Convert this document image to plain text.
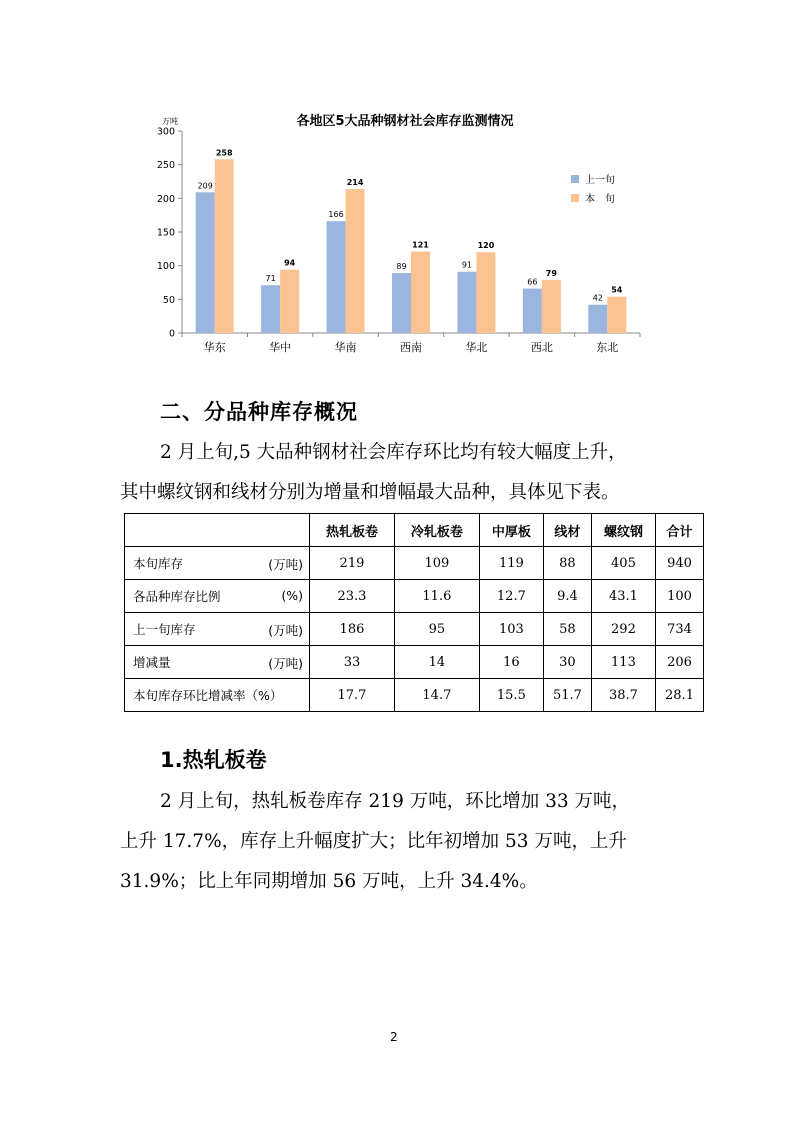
各地区5大品种钢材社会库存监测情况
万吨
0
50
100
150
200
250
300
209
258
华东
71
94
华中
166
214
华南
89
121
西南
91
120
华北
66
79
西北
42
54
东北
上一旬
本　旬
二、分品种库存概况
2 月上旬,5 大品种钢材社会库存环比均有较大幅度上升，
其中螺纹钢和线材分别为增量和增幅最大品种，具体见下表。
	热轧板卷	冷轧板卷	中厚板	线材	螺纹钢	合计
本旬库存 (万吨)	219	109	119	88	405	940
各品种库存比例 (%)	23.3	11.6	12.7	9.4	43.1	100
上一旬库存 (万吨)	186	95	103	58	292	734
增减量 (万吨)	33	14	16	30	113	206
本旬库存环比增减率（%）	17.7	14.7	15.5	51.7	38.7	28.1
1.热轧板卷
2 月上旬，热轧板卷库存 219 万吨，环比增加 33 万吨，
上升 17.7%，库存上升幅度扩大；比年初增加 53 万吨，上升
31.9%；比上年同期增加 56 万吨，上升 34.4%。
2
